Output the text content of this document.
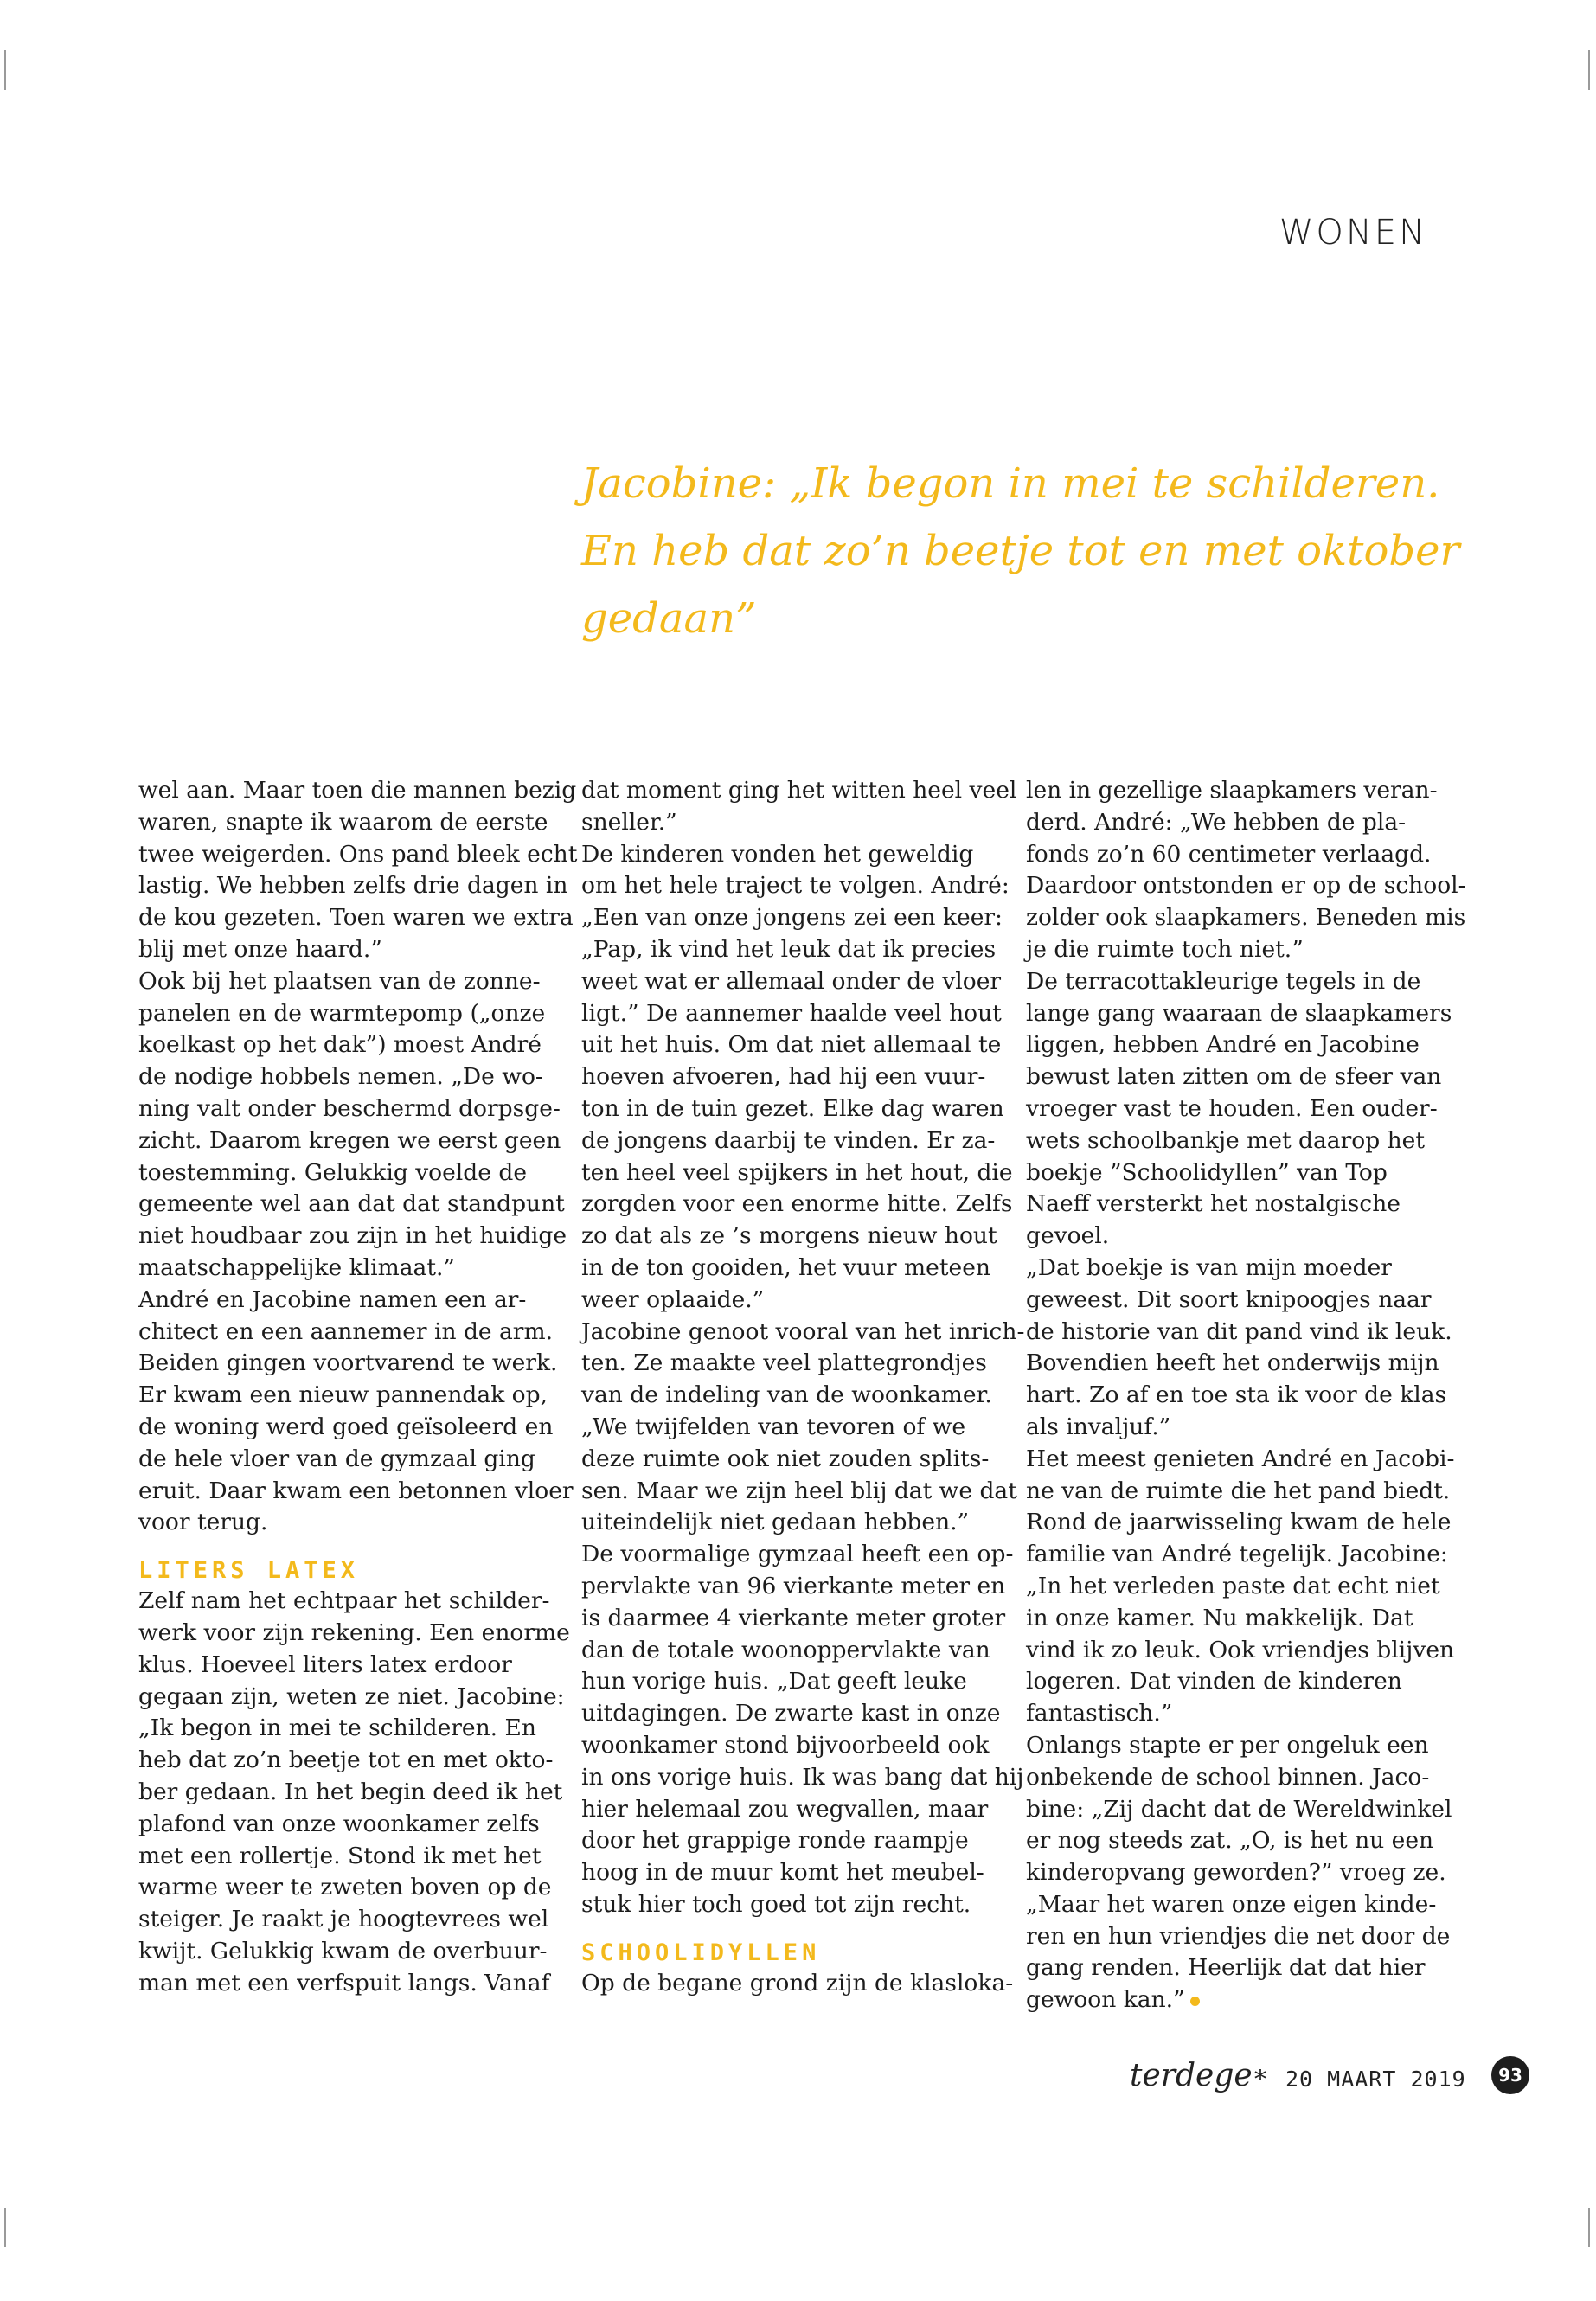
WONEN
Jacobine: „Ik begon in mei te schilderen.
En heb dat zo’n beetje tot en met oktober
gedaan”
wel aan. Maar toen die mannen bezig
waren, snapte ik waarom de eerste
twee weigerden. Ons pand bleek echt
lastig. We hebben zelfs drie dagen in
de kou gezeten. Toen waren we extra
blij met onze haard.”
Ook bij het plaatsen van de zonne-
panelen en de warmtepomp („onze
koelkast op het dak”) moest André
de nodige hobbels nemen. „De wo-
ning valt onder beschermd dorpsge-
zicht. Daarom kregen we eerst geen
toestemming. Gelukkig voelde de
gemeente wel aan dat dat standpunt
niet houdbaar zou zijn in het huidige
maatschappelijke klimaat.”
André en Jacobine namen een ar-
chitect en een aannemer in de arm.
Beiden gingen voortvarend te werk.
Er kwam een nieuw pannendak op,
de woning werd goed geïsoleerd en
de hele vloer van de gymzaal ging
eruit. Daar kwam een betonnen vloer
voor terug.
LITERS LATEX
Zelf nam het echtpaar het schilder-
werk voor zijn rekening. Een enorme
klus. Hoeveel liters latex erdoor
gegaan zijn, weten ze niet. Jacobine:
„Ik begon in mei te schilderen. En
heb dat zo’n beetje tot en met okto-
ber gedaan. In het begin deed ik het
plafond van onze woonkamer zelfs
met een rollertje. Stond ik met het
warme weer te zweten boven op de
steiger. Je raakt je hoogtevrees wel
kwijt. Gelukkig kwam de overbuur-
man met een verfspuit langs. Vanaf
dat moment ging het witten heel veel
sneller.”
De kinderen vonden het geweldig
om het hele traject te volgen. André:
„Een van onze jongens zei een keer:
„Pap, ik vind het leuk dat ik precies
weet wat er allemaal onder de vloer
ligt.” De aannemer haalde veel hout
uit het huis. Om dat niet allemaal te
hoeven afvoeren, had hij een vuur-
ton in de tuin gezet. Elke dag waren
de jongens daarbij te vinden. Er za-
ten heel veel spijkers in het hout, die
zorgden voor een enorme hitte. Zelfs
zo dat als ze ’s morgens nieuw hout
in de ton gooiden, het vuur meteen
weer oplaaide.”
Jacobine genoot vooral van het inrich-
ten. Ze maakte veel plattegrondjes
van de indeling van de woonkamer.
„We twijfelden van tevoren of we
deze ruimte ook niet zouden splits-
sen. Maar we zijn heel blij dat we dat
uiteindelijk niet gedaan hebben.”
De voormalige gymzaal heeft een op-
pervlakte van 96 vierkante meter en
is daarmee 4 vierkante meter groter
dan de totale woonoppervlakte van
hun vorige huis. „Dat geeft leuke
uitdagingen. De zwarte kast in onze
woonkamer stond bijvoorbeeld ook
in ons vorige huis. Ik was bang dat hij
hier helemaal zou wegvallen, maar
door het grappige ronde raampje
hoog in de muur komt het meubel-
stuk hier toch goed tot zijn recht.
SCHOOLIDYLLEN
Op de begane grond zijn de klasloka-
len in gezellige slaapkamers veran-
derd. André: „We hebben de pla-
fonds zo’n 60 centimeter verlaagd.
Daardoor ontstonden er op de school-
zolder ook slaapkamers. Beneden mis
je die ruimte toch niet.”
De terracottakleurige tegels in de
lange gang waaraan de slaapkamers
liggen, hebben André en Jacobine
bewust laten zitten om de sfeer van
vroeger vast te houden. Een ouder-
wets schoolbankje met daarop het
boekje ”Schoolidyllen” van Top
Naeff versterkt het nostalgische
gevoel.
„Dat boekje is van mijn moeder
geweest. Dit soort knipoogjes naar
de historie van dit pand vind ik leuk.
Bovendien heeft het onderwijs mijn
hart. Zo af en toe sta ik voor de klas
als invaljuf.”
Het meest genieten André en Jacobi-
ne van de ruimte die het pand biedt.
Rond de jaarwisseling kwam de hele
familie van André tegelijk. Jacobine:
„In het verleden paste dat echt niet
in onze kamer. Nu makkelijk. Dat
vind ik zo leuk. Ook vriendjes blijven
logeren. Dat vinden de kinderen
fantastisch.”
Onlangs stapte er per ongeluk een
onbekende de school binnen. Jaco-
bine: „Zij dacht dat de Wereldwinkel
er nog steeds zat. „O, is het nu een
kinderopvang geworden?” vroeg ze.
„Maar het waren onze eigen kinde-
ren en hun vriendjes die net door de
gang renden. Heerlijk dat dat hier
gewoon kan.”
terdege * 20 MAART 2019	93
